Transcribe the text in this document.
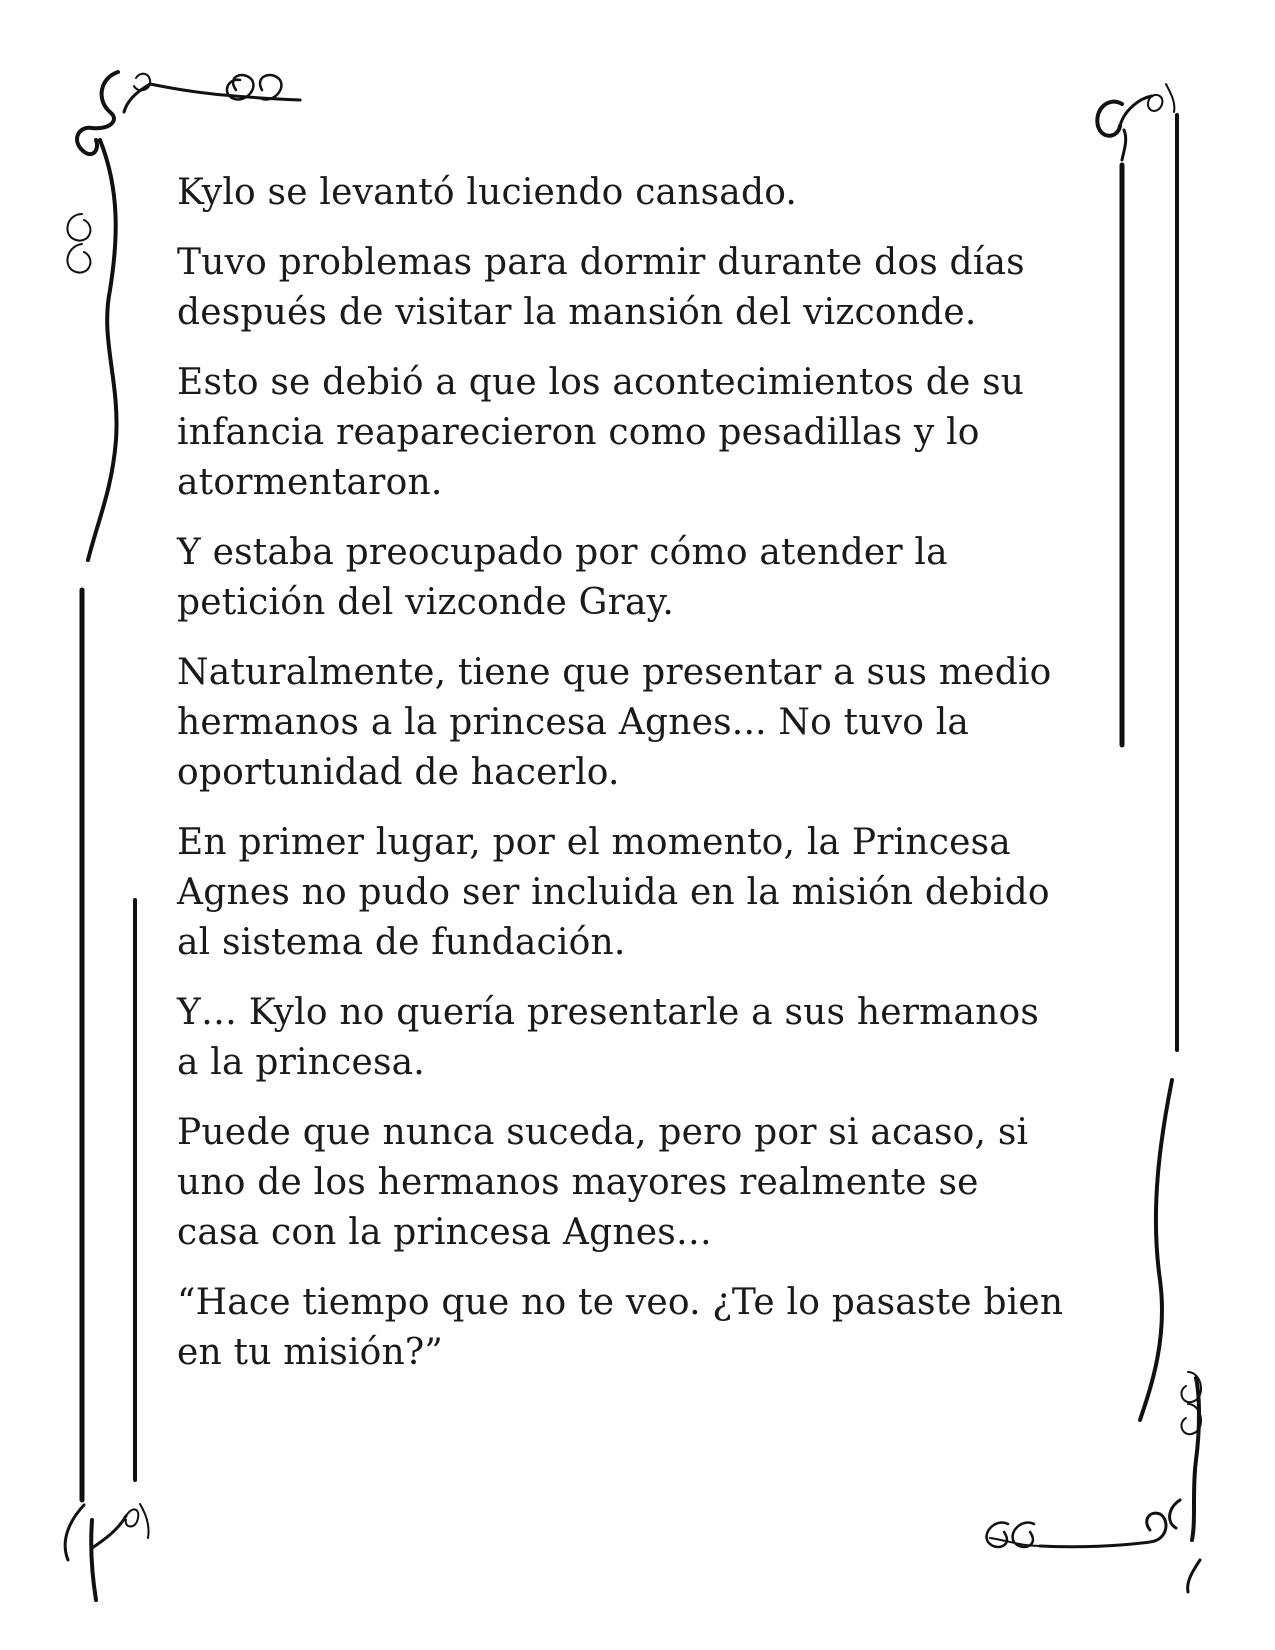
Kylo se levantó luciendo cansado.

Tuvo problemas para dormir durante dos días
después de visitar la mansión del vizconde.

Esto se debió a que los acontecimientos de su
infancia reaparecieron como pesadillas y lo
atormentaron.

Y estaba preocupado por cómo atender la
petición del vizconde Gray.

Naturalmente, tiene que presentar a sus medio
hermanos a la princesa Agnes... No tuvo la
oportunidad de hacerlo.

En primer lugar, por el momento, la Princesa
Agnes no pudo ser incluida en la misión debido
al sistema de fundación.

Y… Kylo no quería presentarle a sus hermanos
a la princesa.

Puede que nunca suceda, pero por si acaso, si
uno de los hermanos mayores realmente se
casa con la princesa Agnes…

“Hace tiempo que no te veo. ¿Te lo pasaste bien
en tu misión?”
